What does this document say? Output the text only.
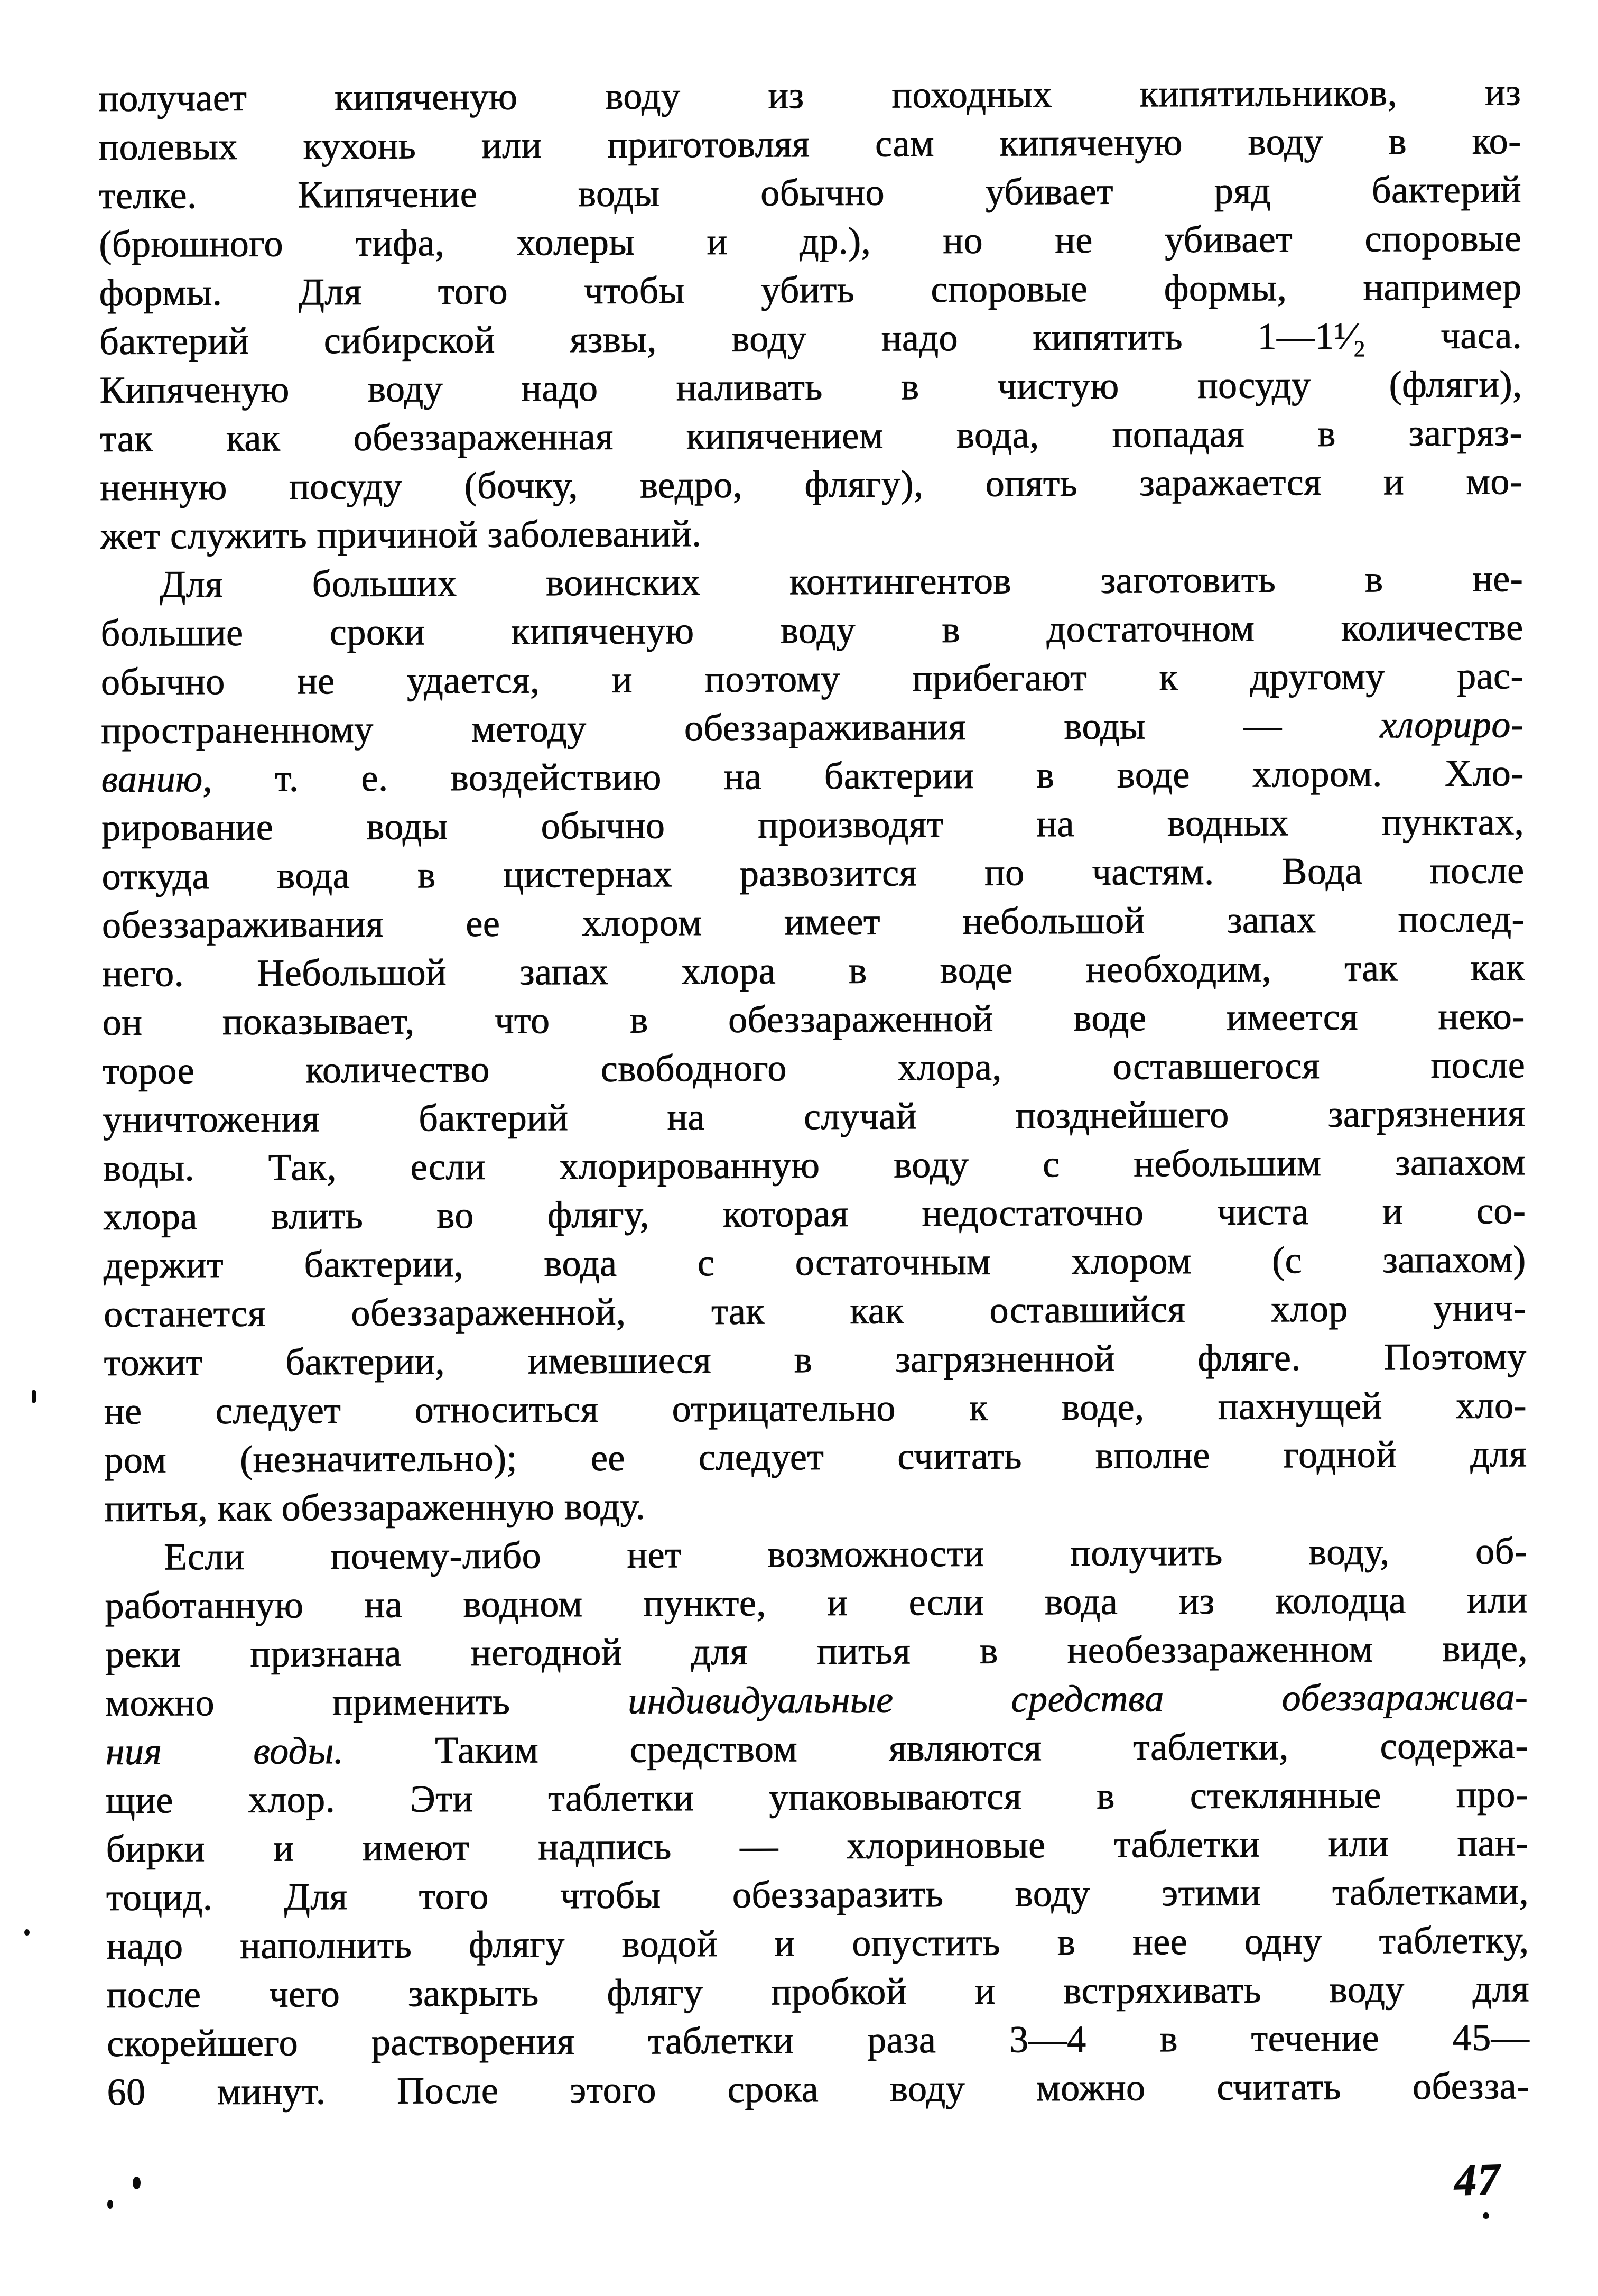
получает кипяченую воду из походных кипятильников, из
полевых кухонь или приготовляя сам кипяченую воду в ко-
телке. Кипячение воды обычно убивает ряд бактерий
(брюшного тифа, холеры и др.), но не убивает споровые
формы. Для того чтобы убить споровые формы, например
бактерий сибирской язвы, воду надо кипятить 1—1¹⁄₂ часа.
Кипяченую воду надо наливать в чистую посуду (фляги),
так как обеззараженная кипячением вода, попадая в загряз-
ненную посуду (бочку, ведро, флягу), опять заражается и мо-
жет служить причиной заболеваний.
Для больших воинских контингентов заготовить в не-
большие сроки кипяченую воду в достаточном количестве
обычно не удается, и поэтому прибегают к другому рас-
пространенному методу обеззараживания воды — хлориро-
ванию, т. е. воздействию на бактерии в воде хлором. Хло-
рирование воды обычно производят на водных пунктах,
откуда вода в цистернах развозится по частям. Вода после
обеззараживания ее хлором имеет небольшой запах послед-
него. Небольшой запах хлора в воде необходим, так как
он показывает, что в обеззараженной воде имеется неко-
торое количество свободного хлора, оставшегося после
уничтожения бактерий на случай позднейшего загрязнения
воды. Так, если хлорированную воду с небольшим запахом
хлора влить во флягу, которая недостаточно чиста и со-
держит бактерии, вода с остаточным хлором (с запахом)
останется обеззараженной, так как оставшийся хлор унич-
тожит бактерии, имевшиеся в загрязненной фляге. Поэтому
не следует относиться отрицательно к воде, пахнущей хло-
ром (незначительно); ее следует считать вполне годной для
питья, как обеззараженную воду.
Если почему-либо нет возможности получить воду, об-
работанную на водном пункте, и если вода из колодца или
реки признана негодной для питья в необеззараженном виде,
можно применить индивидуальные средства обеззаражива-
ния воды. Таким средством являются таблетки, содержа-
щие хлор. Эти таблетки упаковываются в стеклянные про-
бирки и имеют надпись — хлориновые таблетки или пан-
тоцид. Для того чтобы обеззаразить воду этими таблетками,
надо наполнить флягу водой и опустить в нее одну таблетку,
после чего закрыть флягу пробкой и встряхивать воду для
скорейшего растворения таблетки раза 3—4 в течение 45—
60 минут. После этого срока воду можно считать обезза-
47
